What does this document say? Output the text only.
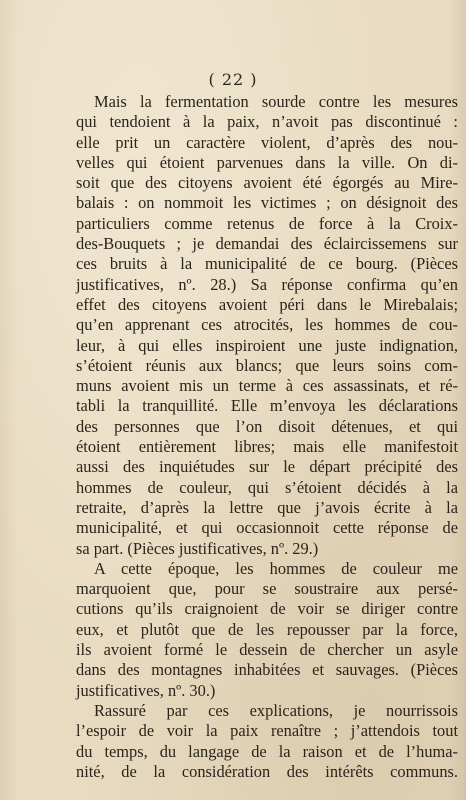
( 22 )
Mais la fermentation sourde contre les mesures
qui tendoient à la paix, n’avoit pas discontinué :
elle prit un caractère violent, d’après des nou-
velles qui étoient parvenues dans la ville. On di-
soit que des citoyens avoient été égorgés au Mire-
balais : on nommoit les victimes ; on désignoit des
particuliers comme retenus de force à la Croix-
des-Bouquets ; je demandai des éclaircissemens sur
ces bruits à la municipalité de ce bourg. (Pièces
justificatives, nº. 28.) Sa réponse confirma qu’en
effet des citoyens avoient péri dans le Mirebalais;
qu’en apprenant ces atrocités, les hommes de cou-
leur, à qui elles inspiroient une juste indignation,
s’étoient réunis aux blancs; que leurs soins com-
muns avoient mis un terme à ces assassinats, et ré-
tabli la tranquillité. Elle m’envoya les déclarations
des personnes que l’on disoit détenues, et qui
étoient entièrement libres; mais elle manifestoit
aussi des inquiétudes sur le départ précipité des
hommes de couleur, qui s’étoient décidés à la
retraite, d’après la lettre que j’avois écrite à la
municipalité, et qui occasionnoit cette réponse de
sa part. (Pièces justificatives, nº. 29.)
A cette époque, les hommes de couleur me
marquoient que, pour se soustraire aux persé-
cutions qu’ils craignoient de voir se diriger contre
eux, et plutôt que de les repousser par la force,
ils avoient formé le dessein de chercher un asyle
dans des montagnes inhabitées et sauvages. (Pièces
justificatives, nº. 30.)
Rassuré par ces explications, je nourrissois
l’espoir de voir la paix renaître ; j’attendois tout
du temps, du langage de la raison et de l’huma-
nité, de la considération des intérêts communs.
